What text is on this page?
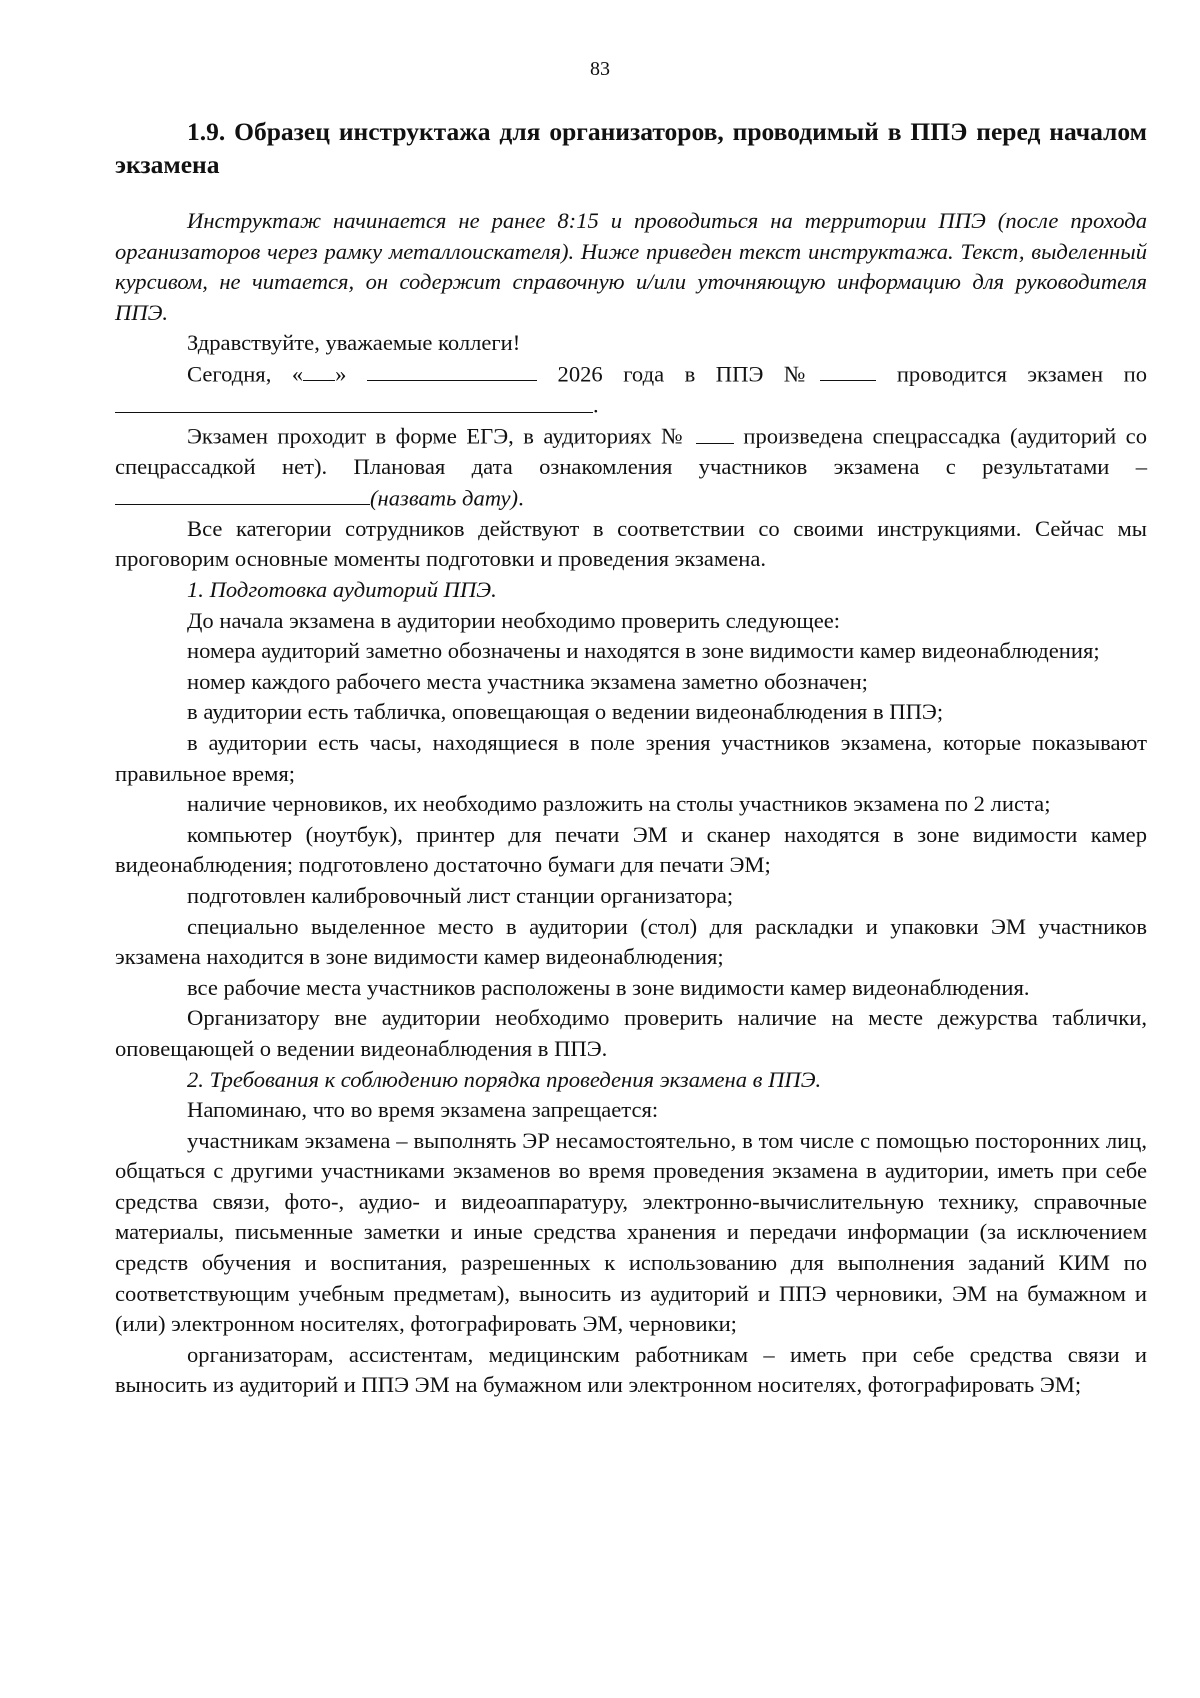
83
1.9. Образец инструктажа для организаторов, проводимый в ППЭ перед началом экзамена

Инструктаж начинается не ранее 8:15 и проводиться на территории ППЭ (после прохода организаторов через рамку металлоискателя). Ниже приведен текст инструктажа. Текст, выделенный курсивом, не читается, он содержит справочную и/или уточняющую информацию для руководителя ППЭ.

Здравствуйте, уважаемые коллеги!

Сегодня, « »	2026 года в ППЭ № проводится экзамен по .

Экзамен проходит в форме ЕГЭ, в аудиториях №  произведена спецрассадка (аудиторий со спецрассадкой нет). Плановая дата ознакомления участников экзамена с результатами – (назвать дату).

Все категории сотрудников действуют в соответствии со своими инструкциями. Сейчас мы проговорим основные моменты подготовки и проведения экзамена.

1. Подготовка аудиторий ППЭ.

До начала экзамена в аудитории необходимо проверить следующее:

номера аудиторий заметно обозначены и находятся в зоне видимости камер видеонаблюдения;

номер каждого рабочего места участника экзамена заметно обозначен;

в аудитории есть табличка, оповещающая о ведении видеонаблюдения в ППЭ;

в аудитории есть часы, находящиеся в поле зрения участников экзамена, которые показывают правильное время;

наличие черновиков, их необходимо разложить на столы участников экзамена по 2 листа;

компьютер (ноутбук), принтер для печати ЭМ и сканер находятся в зоне видимости камер видеонаблюдения; подготовлено достаточно бумаги для печати ЭМ;

подготовлен калибровочный лист станции организатора;

специально выделенное место в аудитории (стол) для раскладки и упаковки ЭМ участников экзамена находится в зоне видимости камер видеонаблюдения;

все рабочие места участников расположены в зоне видимости камер видеонаблюдения.

Организатору вне аудитории необходимо проверить наличие на месте дежурства таблички, оповещающей о ведении видеонаблюдения в ППЭ.

2. Требования к соблюдению порядка проведения экзамена в ППЭ.

Напоминаю, что во время экзамена запрещается:

участникам экзамена – выполнять ЭР несамостоятельно, в том числе с помощью посторонних лиц, общаться с другими участниками экзаменов во время проведения экзамена в аудитории, иметь при себе средства связи, фото-, аудио- и видеоаппаратуру, электронно-вычислительную технику, справочные материалы, письменные заметки и иные средства хранения и передачи информации (за исключением средств обучения и воспитания, разрешенных к использованию для выполнения заданий КИМ по соответствующим учебным предметам), выносить из аудиторий и ППЭ черновики, ЭМ на бумажном и (или) электронном носителях, фотографировать ЭМ, черновики;

организаторам, ассистентам, медицинским работникам – иметь при себе средства связи и выносить из аудиторий и ППЭ ЭМ на бумажном или электронном носителях, фотографировать ЭМ;
